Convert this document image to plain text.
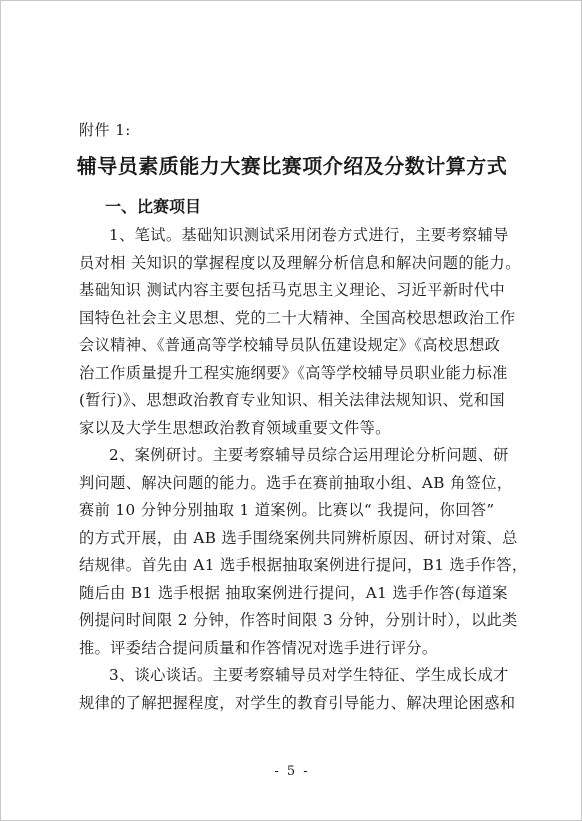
附件 1:
辅导员素质能力大赛比赛项介绍及分数计算方式
一、比赛项目

1、笔试。基础知识测试采用闭卷方式进行，主要考察辅导

员对相 关知识的掌握程度以及理解分析信息和解决问题的能力。

基础知识 测试内容主要包括马克思主义理论、习近平新时代中

国特色社会主义思想、党的二十大精神、全国高校思想政治工作

会议精神、《普通高等学校辅导员队伍建设规定》《高校思想政

治工作质量提升工程实施纲要》《高等学校辅导员职业能力标准

(暂行)》、思想政治教育专业知识、相关法律法规知识、党和国

家以及大学生思想政治教育领域重要文件等。

2、案例研讨。主要考察辅导员综合运用理论分析问题、研

判问题、解决问题的能力。选手在赛前抽取小组、AB 角签位，

赛前 10 分钟分别抽取 1 道案例。比赛以“ 我提问，你回答”

的方式开展，由 AB 选手围绕案例共同辨析原因、研讨对策、总

结规律。首先由 A1 选手根据抽取案例进行提问，B1 选手作答，

随后由 B1 选手根据 抽取案例进行提问，A1 选手作答(每道案

例提问时间限 2 分钟，作答时间限 3 分钟，分别计时），以此类

推。评委结合提问质量和作答情况对选手进行评分。

3、谈心谈话。主要考察辅导员对学生特征、学生成长成才

规律的了解把握程度，对学生的教育引导能力、解决理论困惑和

- 5 -
